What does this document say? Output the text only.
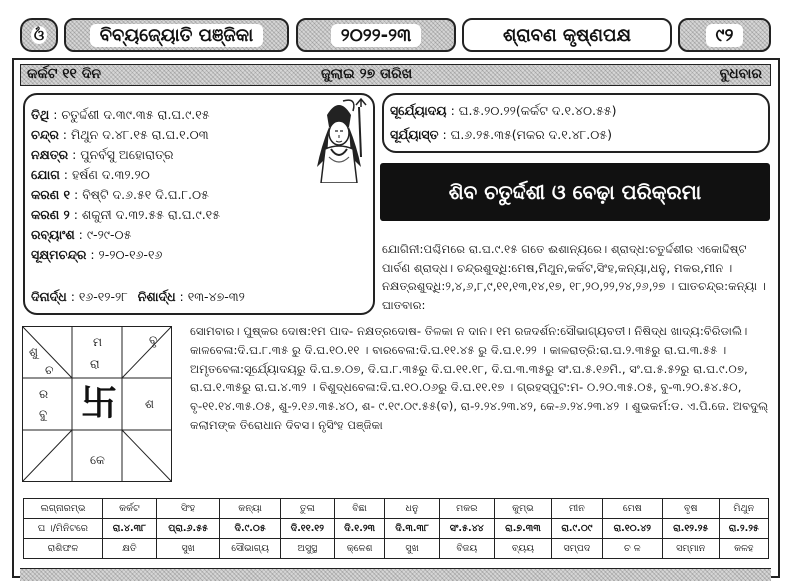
ଓଁ	ବିବ୍ୟଜ୍ୟୋତି ପଞ୍ଜିକା	୨୦୨୨-୨୩	ଶ୍ରାବଣ କୃଷ୍ଣପକ୍ଷ	୯୨
କର୍କଟ ୧୧ ଦିନ	ଜୁଲାଇ ୨୭ ତାରିଖ	ବୁଧବାର
ତିଥି : ଚତୁର୍ଦ୍ଦଶୀ ଦ.୩୯.୩୫ ରା.ଘ.୯.୧୫
ଚନ୍ଦ୍ର : ମିଥୁନ ଦ.୪୮.୧୫ ରା.ଘ.୧.୦୩
ନକ୍ଷତ୍ର : ପୁନର୍ବସୁ ଅହୋରାତ୍ର
ଯୋଗ : ହର୍ଷଣ ଦ.୩୨.୨୦
କରଣ ୧ : ବିଷ୍ଟି ଦ.୬.୫୧ ଦି.ଘ.୮.୦୫
କରଣ ୨ : ଶକୁନୀ ଦ.୩୨.୫୫ ରା.ଘ.୯.୧୫
ରବ୍ୟାଂଶ : ୯-୨୯-୦୫
ସୂକ୍ଷ୍ମଚନ୍ଦ୍ର : ୨-୨୦-୧୬-୧୬
ଦିନାର୍ଦ୍ଧ : ୧୬-୧୨-୨୮ ନିଶାର୍ଦ୍ଧ : ୧୩-୪୭-୩୨
ସୂର୍ଯ୍ୟୋଦୟ : ଘ.୫.୨୦.୨୨(କର୍କଟ ଦ.୧.୪୦.୫୫)
ସୂର୍ଯ୍ୟାସ୍ତ : ଘ.୬.୨୫.୩୫(ମକର ଦ.୧.୪୮.୦୫)
ଶିବ ଚତୁର୍ଦ୍ଦଶୀ ଓ ବେଢ଼ା ପରିକ୍ରମା
ଯୋଗିନୀ:ପଶ୍ଚିମରେ ରା.ଘ.୯.୧୫ ଗତେ ଈଶାନ୍ୟରେ। ଶ୍ରାଦ୍ଧ:ଚତୁର୍ଦ୍ଦଶୀର ଏକୋଦ୍ଦିଷ୍ଟ ପାର୍ବଣ ଶ୍ରାଦ୍ଧ। ଚନ୍ଦ୍ରଶୁଦ୍ଧି:ମେଷ,ମିଥୁନ,କର୍କଟ,ସିଂହ,କନ୍ୟା,ଧନୁ, ମକର,ମୀନ । ନକ୍ଷତ୍ରଶୁଦ୍ଧି:୨,୪,୬,୮,୯,୧୧,୧୩,୧୪,୧୭, ୧୮,୨୦,୨୨,୨୪,୨୬,୨୭ । ଘାତଚନ୍ଦ୍ର:କନ୍ୟା । ଘାତବାର:
ମ
ରା
ବୃ
ଶୁ
ଚ
ର
ବୁ 卐 ଶ
କେ
ସୋମବାର। ପୁଷ୍କର ଦୋଷ:୧ମ ପାଦ- ନକ୍ଷତ୍ରଦୋଷ- ତିଳକା ନ ଦାନ। ୧ମ ରଜଦର୍ଶନ:ସୌଭାଗ୍ୟବତୀ। ନିଷିଦ୍ଧ ଖାଦ୍ୟ:ବିରିଡାଲି। କାଳବେଳା:ଦି.ଘ.୮.୩୫ ରୁ ଦି.ଘ.୧୦.୧୧ । ବାରବେଳା:ଦି.ଘ.୧୧.୪୫ ରୁ ଦି.ଘ.୧.୨୨ । କାଳରାତ୍ରି:ରା.ଘ.୨.୩୫ରୁ ରା.ଘ.୩.୫୫ । ଅମୃତବେଳା:ସୂର୍ଯ୍ୟୋଦୟରୁ ଦି.ଘ.୭.୦୭, ଦି.ଘ.୮.୩୫ରୁ ଦି.ଘ.୧୧.୧୮, ଦି.ଘ.୩.୩୫ରୁ ସଂ.ଘ.୫.୧୬ମି., ସଂ.ଘ.୫.୫୨ରୁ ରା.ଘ.୯.୦୭, ରା.ଘ.୧.୩୫ରୁ ରା.ଘ.୪.୩୨ । ବିଶୁଦ୍ଧବେଳା:ଦି.ଘ.୧୦.୦୬ରୁ ଦି.ଘ.୧୧.୧୭ । ଗ୍ରହସ୍ପୁଟ:ମ- ୦.୨୦.୩୫.୦୫, ବୁ-୩.୨୦.୫୪.୫୦, ବୃ-୧୧.୧୪.୩୫.୦୫, ଶୁ-୨.୧୬.୩୫.୪୦, ଶ- ୯.୧୯.୦୯.୫୫(ବ), ରା-୨.୨୪.୨୩.୪୨, କେ-୬.୨୪.୨୩.୪୨ । ଶୁଭକର୍ମ:ଡ. ଏ.ପି.ଜେ. ଅବଦୁଲ୍ କଲାମଙ୍କ ତିରୋଧାନ ଦିବସ। ନୃସିଂହ ପଞ୍ଜିକା
ଲଗ୍ନାରମ୍ଭ	କର୍କଟ	ସିଂହ	କନ୍ୟା	ତୁଳା	ବିଛା	ଧନୁ	ମକର	କୁମ୍ଭ	ମୀନ	ମେଷ	ବୃଷ	ମିଥୁନ
ଘ ।/ମିନିଟରେ	ରା.୪.୩୮	ପ୍ରା.୬.୫୫	ଦି.୯.୦୫	ଦି.୧୧.୧୨	ଦି.୧.୨୩	ଦି.୩.୩୮	ସଂ.୫.୪୪	ରା.୭.୩୩	ରା.୯.୦୯	ରା.୧୦.୪୨	ରା.୧୨.୨୫	ରା.୨.୨୫
ରାଶିଫଳ	କ୍ଷତି	ସୁଖ	ସୌଭାଗ୍ୟ	ଅସୁସ୍ଥ	କ୍ଳେଶ	ସୁଖ	ବିଜୟ	ବ୍ୟୟ	ସମ୍ପଦ	ଚ ଳ	ସମ୍ମାନ	କଳହ
